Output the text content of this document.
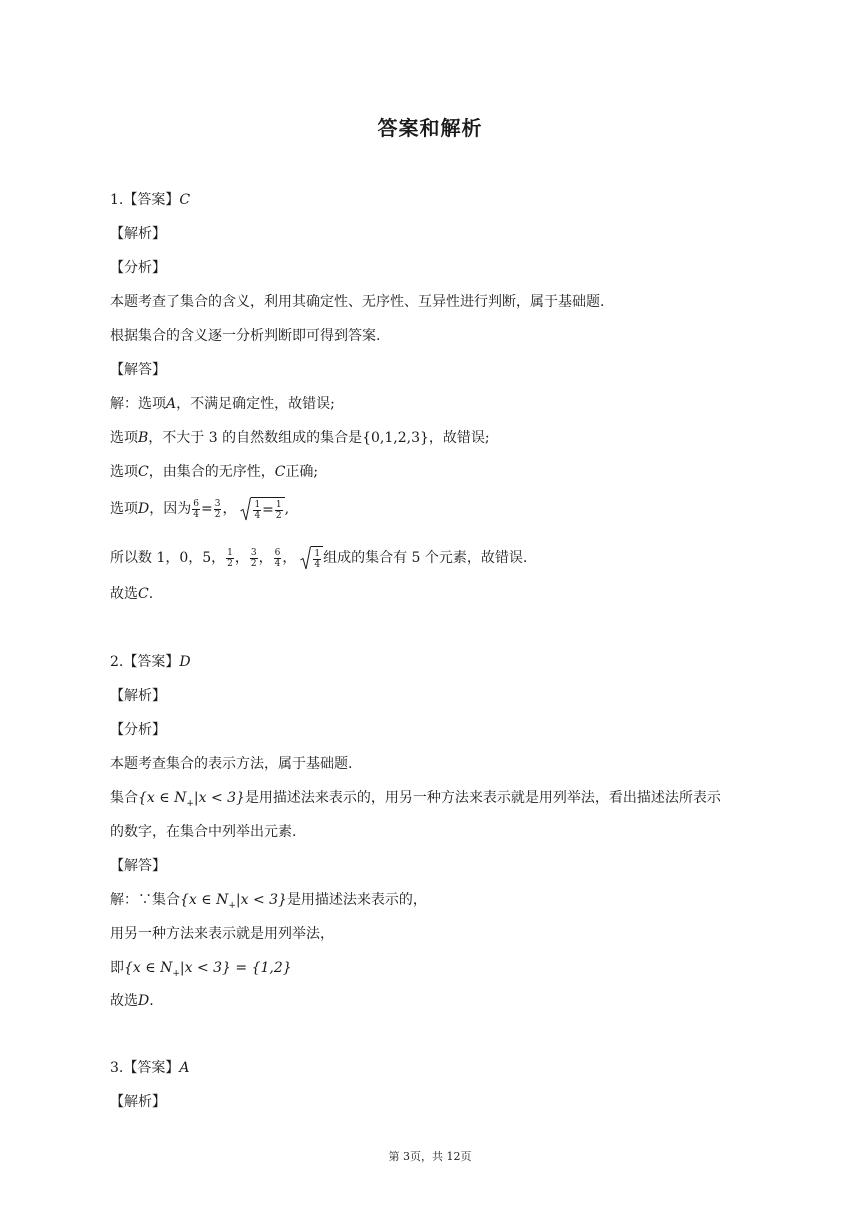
答案和解析
1.【答案】C
【解析】
【分析】
本题考查了集合的含义，利用其确定性、无序性、互异性进行判断，属于基础题.
根据集合的含义逐一分析判断即可得到答案.
【解答】
解：选项A，不满足确定性，故错误;
选项B，不大于 3 的自然数组成的集合是{0,1,2,3}，故错误;
选项C，由集合的无序性，C正确;
选项D，因为 $\frac{6}{4} = \frac{3}{2}$ ， $\frac{1}{4} = \frac{1}{2}$ ,
所以数 1，0，5， $\frac{1}{2}$ ， $\frac{3}{2}$ ， $\frac{6}{4}$ ， $\frac{1}{4}$ 组成的集合有 5 个元素，故错误.
故选C.
2.【答案】D
【解析】
【分析】
本题考查集合的表示方法，属于基础题.
集合{x ∈ $N_+|x < 3$}是用描述法来表示的，用另一种方法来表示就是用列举法，看出描述法所表示
的数字，在集合中列举出元素.
【解答】
解：∵集合{x ∈ $N_+|x < 3$}是用描述法来表示的，
用另一种方法来表示就是用列举法，
即{x ∈ $N_+|x < 3\} = \{1,2\}$
故选D.
3.【答案】A
【解析】
第 3页，共 12页
